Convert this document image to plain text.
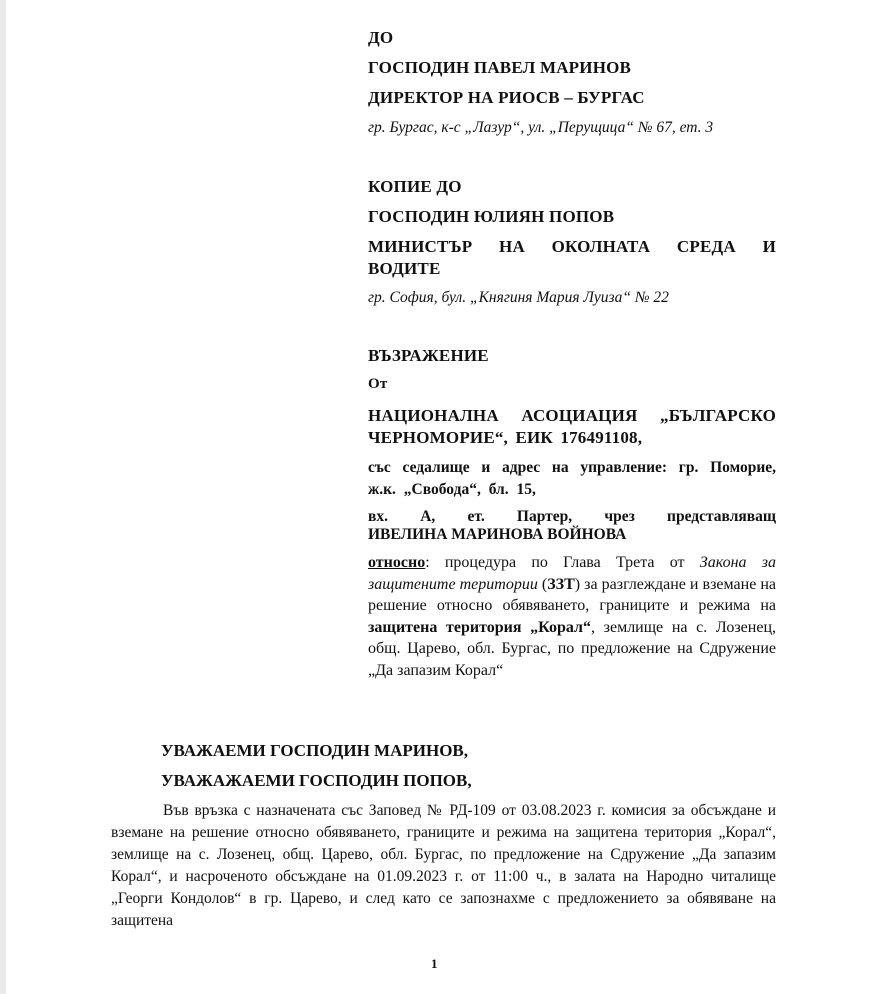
ДО

ГОСПОДИН ПАВЕЛ МАРИНОВ

ДИРЕКТОР НА РИОСВ – БУРГАС

гр. Бургас, к-с „Лазур“, ул. „Перущица“ № 67, ет. 3

КОПИЕ ДО

ГОСПОДИН ЮЛИЯН ПОПОВ

МИНИСТЪР НА ОКОЛНАТА СРЕДА И ВОДИТЕ

гр. София, бул. „Княгиня Мария Луиза“ № 22

ВЪЗРАЖЕНИЕ

От

НАЦИОНАЛНА АСОЦИАЦИЯ „БЪЛГАРСКО ЧЕРНОМОРИЕ“, ЕИК 176491108,

със седалище и адрес на управление: гр. Поморие, ж.к. „Свобода“, бл. 15,

вх. А, ет. Партер, чрез представляващ

ИВЕЛИНА МАРИНОВА ВОЙНОВА

относно: процедура по Глава Трета от Закона за защитените територии (ЗЗТ) за разглеждане и вземане на решение относно обявяването, границите и режима на защитена територия „Корал“, землище на с. Лозенец, общ. Царево, обл. Бургас, по предложение на Сдружение „Да запазим Корал“

УВАЖАЕМИ ГОСПОДИН МАРИНОВ,

УВАЖАЖАЕМИ ГОСПОДИН ПОПОВ,

Във връзка с назначената със Заповед № РД-109 от 03.08.2023 г. комисия за обсъждане и вземане на решение относно обявяването, границите и режима на защитена територия „Корал“, землище на с. Лозенец, общ. Царево, обл. Бургас, по предложение на Сдружение „Да запазим Корал“, и насроченото обсъждане на 01.09.2023 г. от 11:00 ч., в залата на Народно читалище „Георги Кондолов“ в гр. Царево, и след като се запознахме с предложението за обявяване на защитена

1
